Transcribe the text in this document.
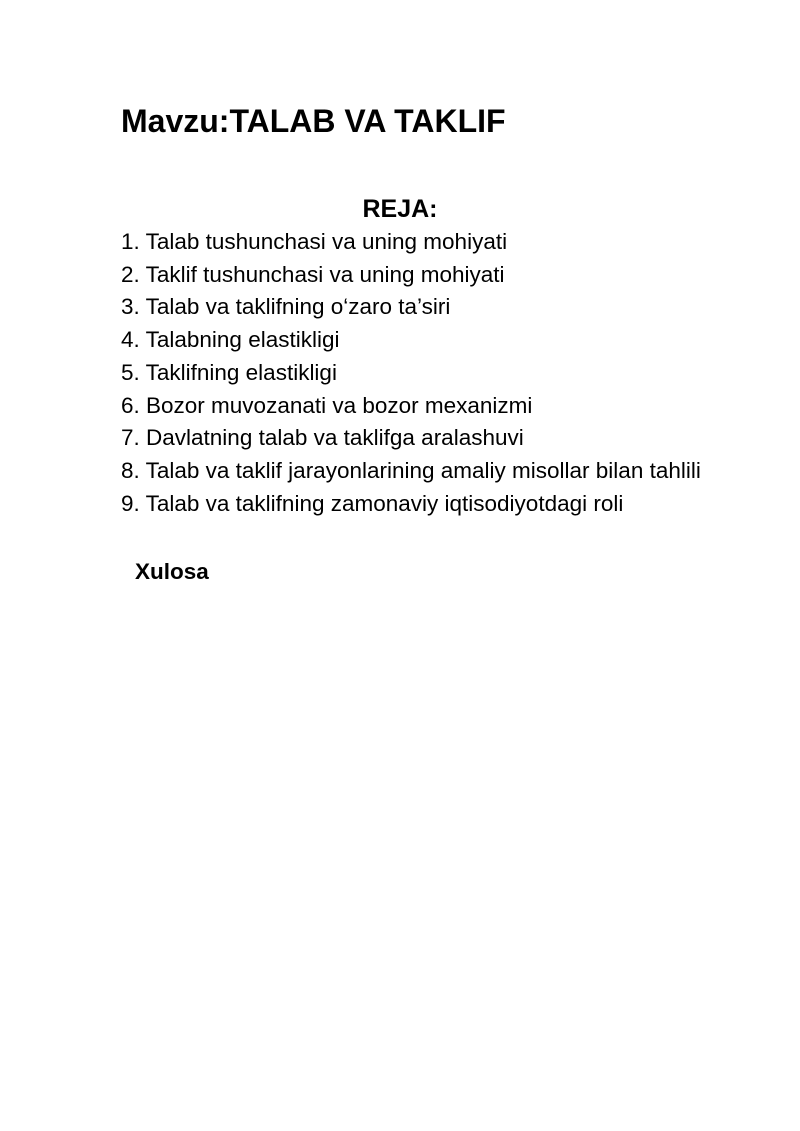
Mavzu:TALAB VA TAKLIF
REJA:
1. Talab tushunchasi va uning mohiyati
2. Taklif tushunchasi va uning mohiyati
3. Talab va taklifning o‘zaro ta’siri
4. Talabning elastikligi
5. Taklifning elastikligi
6. Bozor muvozanati va bozor mexanizmi
7. Davlatning talab va taklifga aralashuvi
8. Talab va taklif jarayonlarining amaliy misollar bilan tahlili
9. Talab va taklifning zamonaviy iqtisodiyotdagi roli

Xulosa
